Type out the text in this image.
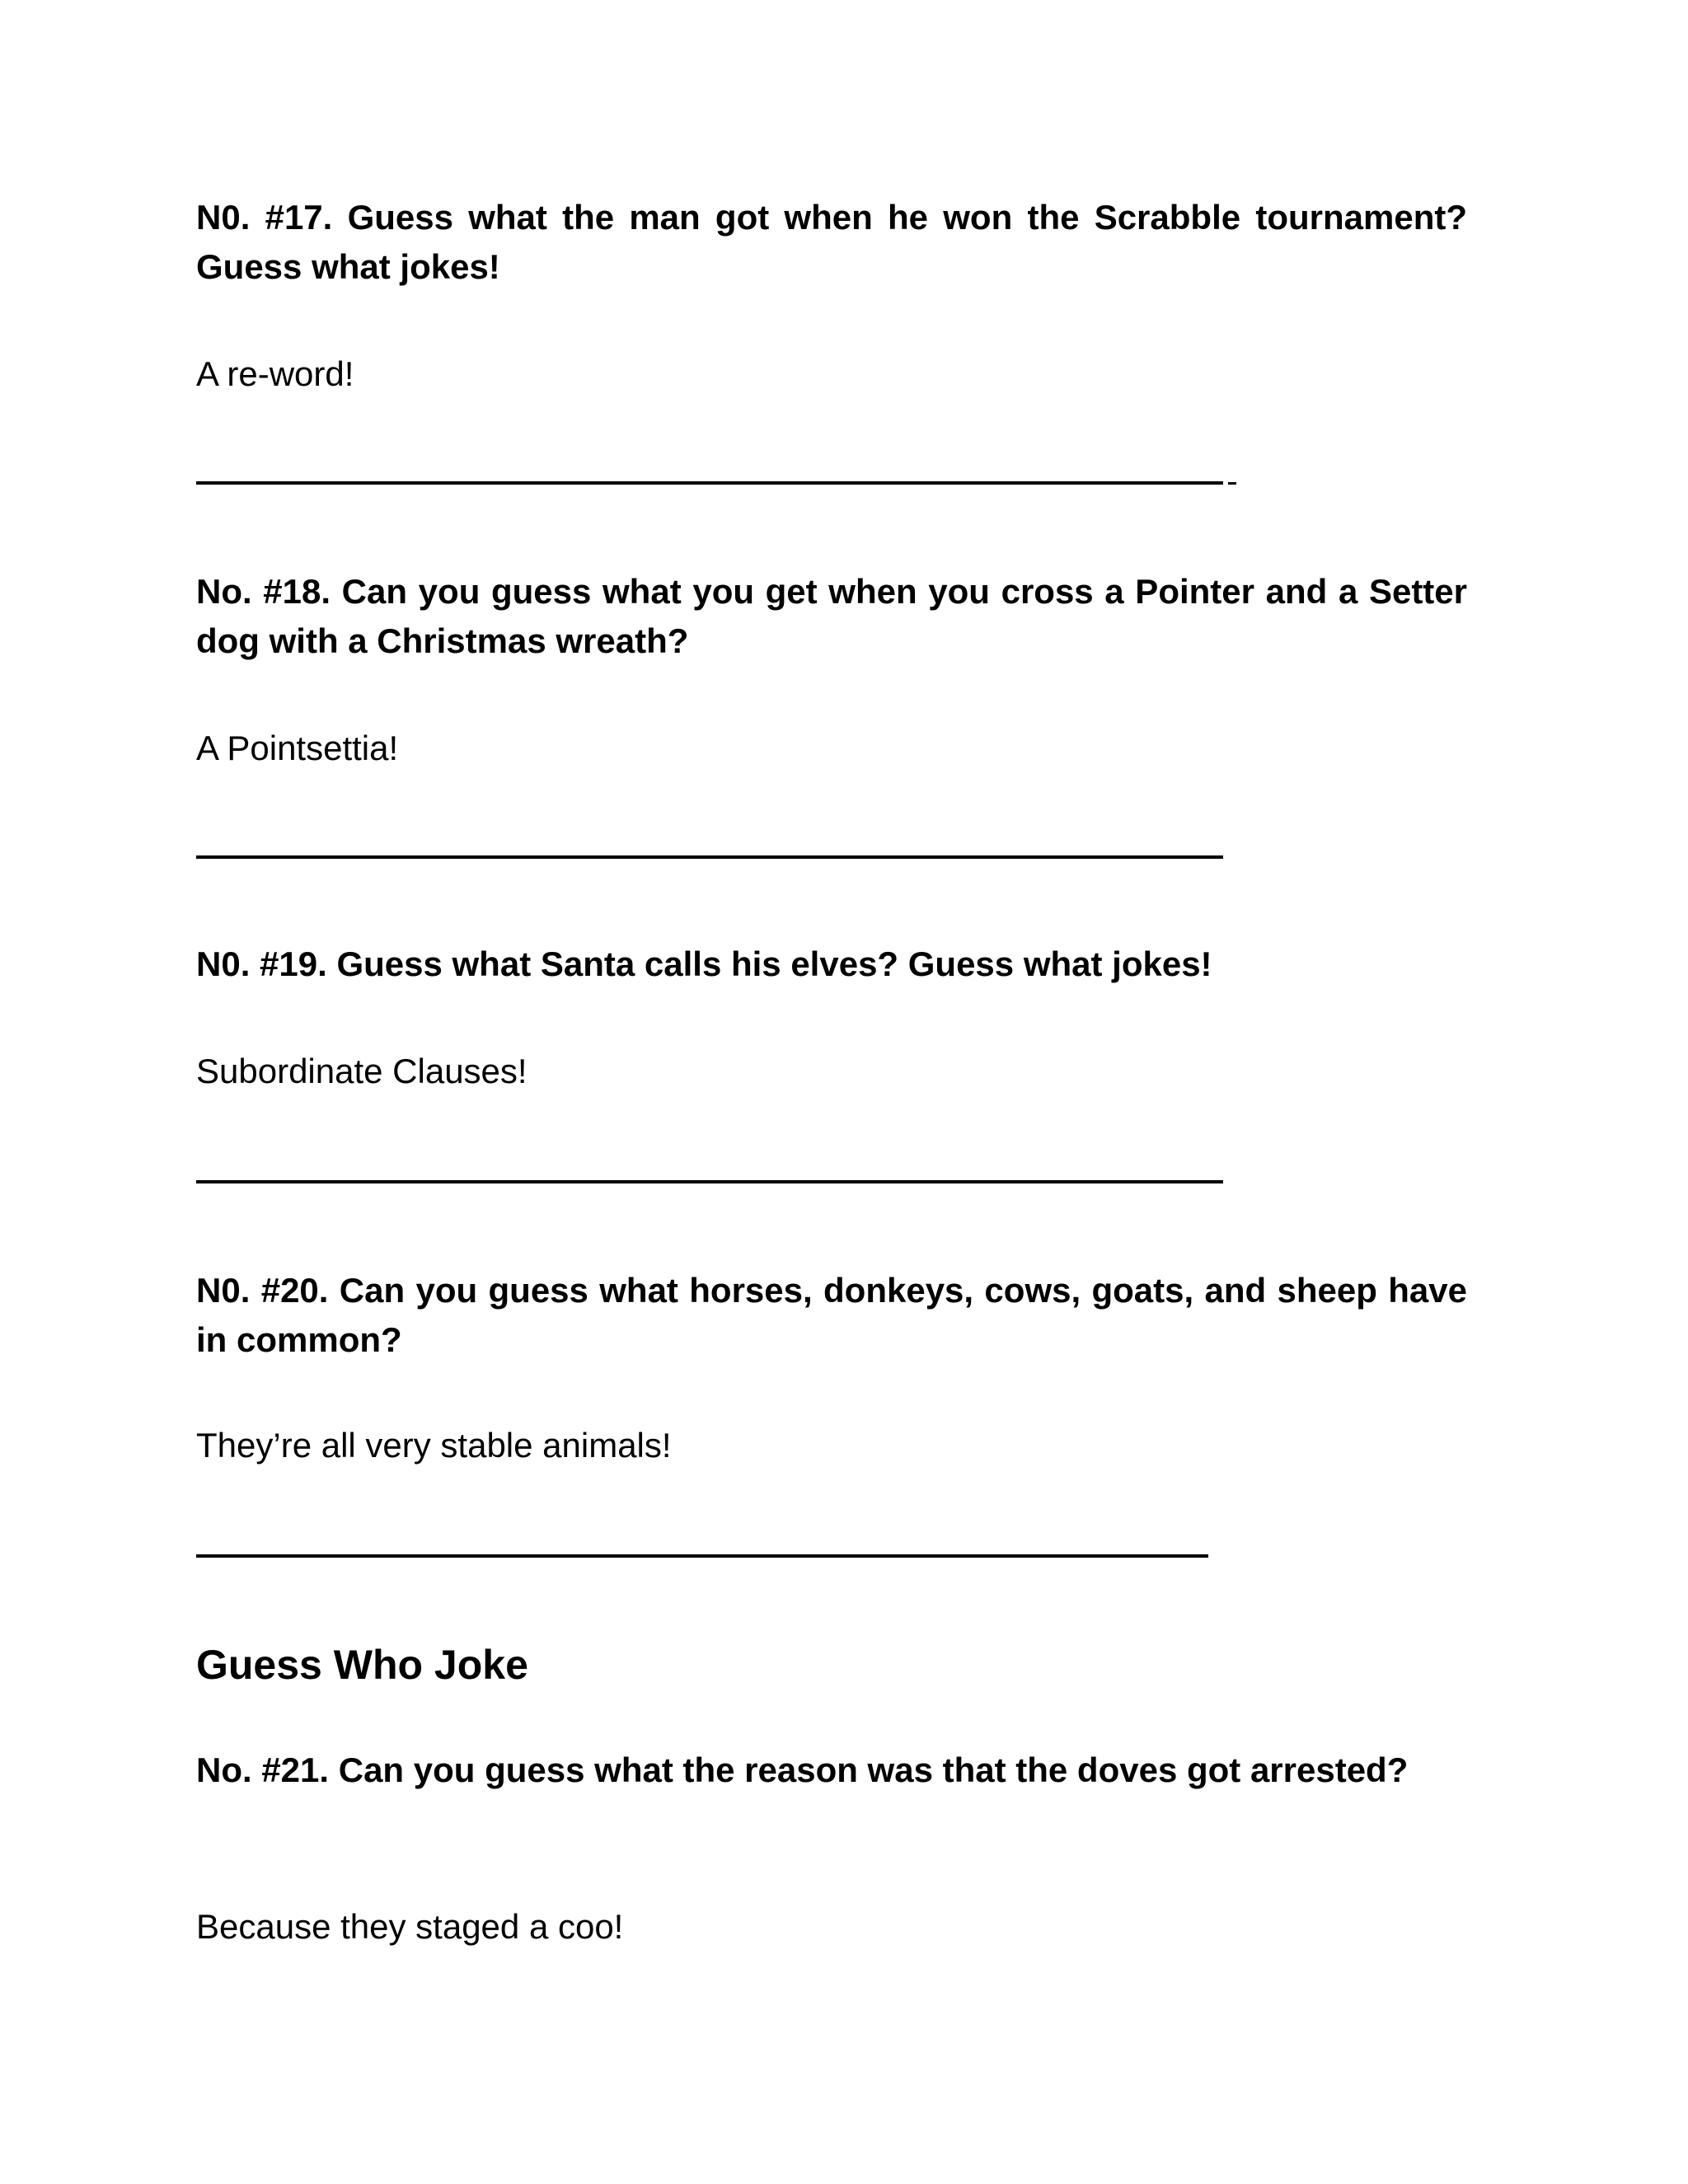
N0. #17. Guess what the man got when he won the Scrabble tournament? Guess what jokes!

A re-word!

No. #18. Can you guess what you get when you cross a Pointer and a Setter dog with a Christmas wreath?

A Pointsettia!

N0. #19. Guess what Santa calls his elves? Guess what jokes!

Subordinate Clauses!

N0. #20. Can you guess what horses, donkeys, cows, goats, and sheep have in common?

They’re all very stable animals!

Guess Who Joke

No. #21. Can you guess what the reason was that the doves got arrested?

Because they staged a coo!
